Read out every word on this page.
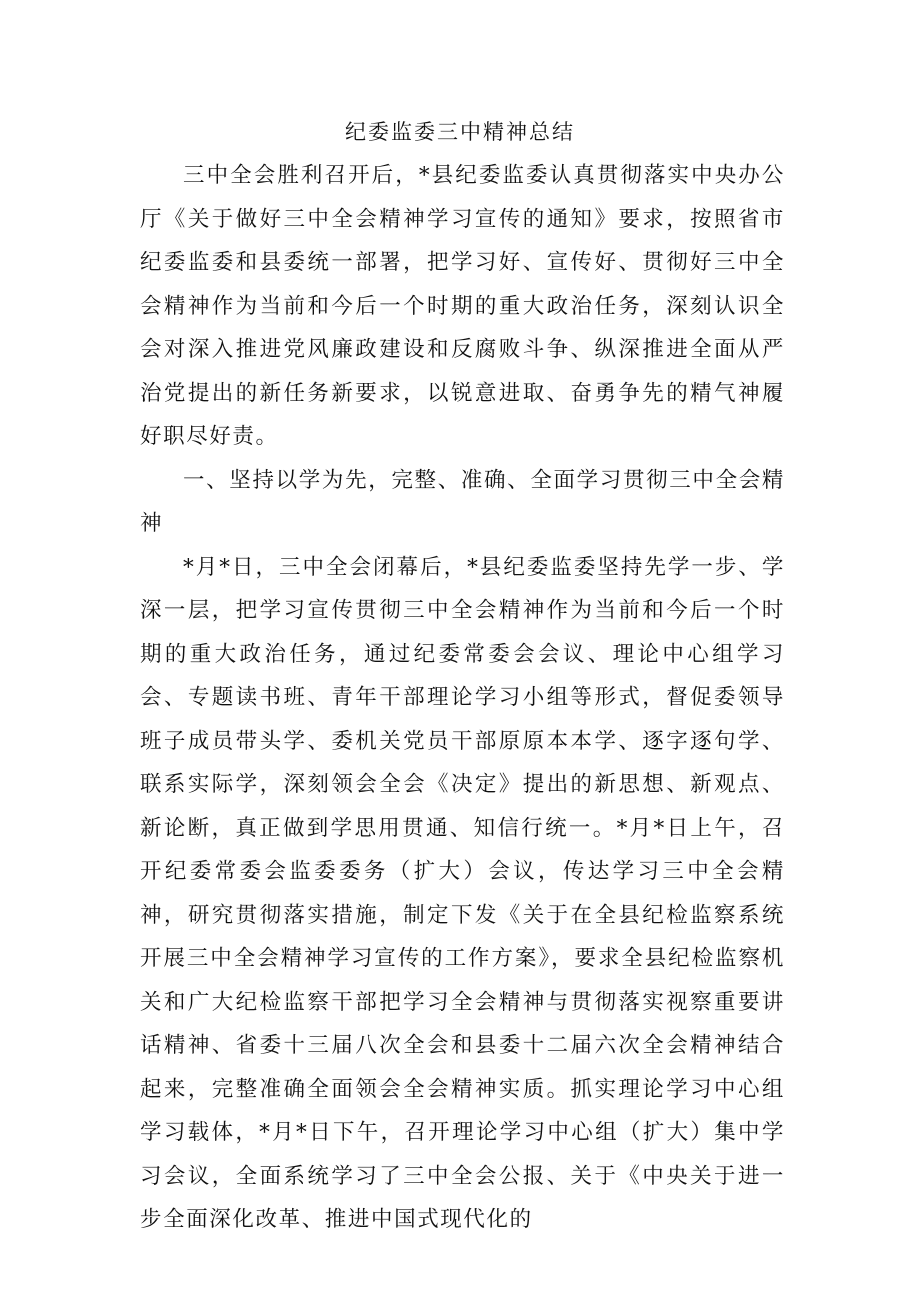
纪委监委三中精神总结

三中全会胜利召开后，*县纪委监委认真贯彻落实中央办公厅《关于做好三中全会精神学习宣传的通知》要求，按照省市纪委监委和县委统一部署，把学习好、宣传好、贯彻好三中全会精神作为当前和今后一个时期的重大政治任务，深刻认识全会对深入推进党风廉政建设和反腐败斗争、纵深推进全面从严治党提出的新任务新要求，以锐意进取、奋勇争先的精气神履好职尽好责。

一、坚持以学为先，完整、准确、全面学习贯彻三中全会精神

*月*日，三中全会闭幕后，*县纪委监委坚持先学一步、学深一层，把学习宣传贯彻三中全会精神作为当前和今后一个时期的重大政治任务，通过纪委常委会会议、理论中心组学习会、专题读书班、青年干部理论学习小组等形式，督促委领导班子成员带头学、委机关党员干部原原本本学、逐字逐句学、联系实际学，深刻领会全会《决定》提出的新思想、新观点、新论断，真正做到学思用贯通、知信行统一。*月*日上午，召开纪委常委会监委委务（扩大）会议，传达学习三中全会精神，研究贯彻落实措施，制定下发《关于在全县纪检监察系统开展三中全会精神学习宣传的工作方案》，要求全县纪检监察机关和广大纪检监察干部把学习全会精神与贯彻落实视察重要讲话精神、省委十三届八次全会和县委十二届六次全会精神结合起来，完整准确全面领会全会精神实质。抓实理论学习中心组学习载体，*月*日下午，召开理论学习中心组（扩大）集中学习会议，全面系统学习了三中全会公报、关于《中央关于进一步全面深化改革、推进中国式现代化的
